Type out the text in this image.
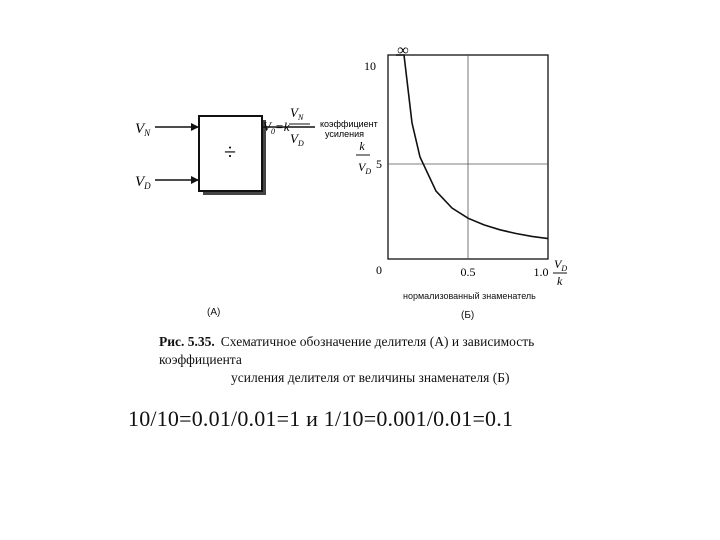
÷
$V_N$
$V_D$
$V_0=k$
$V_N$
$V_D$
(A)
10
5
0	0.5	1.0
∞
коэффициент
усиления
k
$V_D$
$V_D$
k
нормализованный знаменатель
(Б)
Рис. 5.35. Схематичное обозначение делителя (А) и зависимость коэффициента
усиления делителя от величины знаменателя (Б)
10/10=0.01/0.01=1 и 1/10=0.001/0.01=0.1
